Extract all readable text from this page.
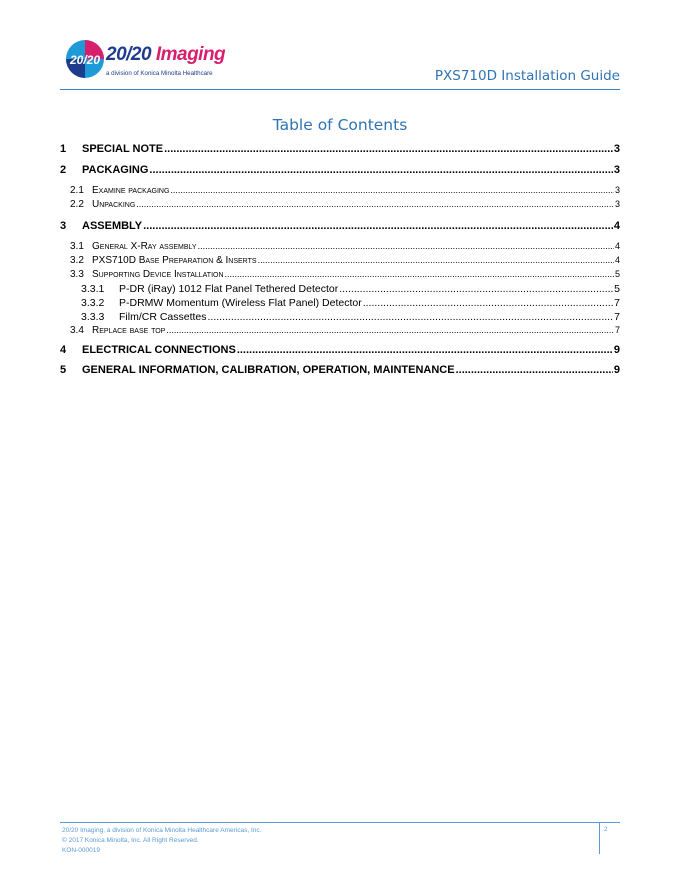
20/20 20/20 Imaging
a division of Konica Minolta Healthcare	PXS710D Installation Guide
Table of Contents
1	SPECIAL NOTE .....	3
2	PACKAGING .....	3
2.1 Examine packaging .....	3
2.2 Unpacking .....	3
3	ASSEMBLY .....	4
3.1 General X-Ray assembly .....	4
3.2 PXS710D Base Preparation & Inserts .....	4
3.3 Supporting Device Installation .....	5
3.3.1	P-DR (iRay) 1012 Flat Panel Tethered Detector .....	5
3.3.2	P-DRMW Momentum (Wireless Flat Panel) Detector .....	7
3.3.3	Film/CR Cassettes .....	7
3.4 Replace base top .....	7
4	ELECTRICAL CONNECTIONS .....	9
5	GENERAL INFORMATION, CALIBRATION, OPERATION, MAINTENANCE .....	9
20/20 Imaging, a division of Konica Minolta Healthcare Americas, Inc.
© 2017 Konica Minolta, Inc. All Right Reserved.
KON-000019
2
